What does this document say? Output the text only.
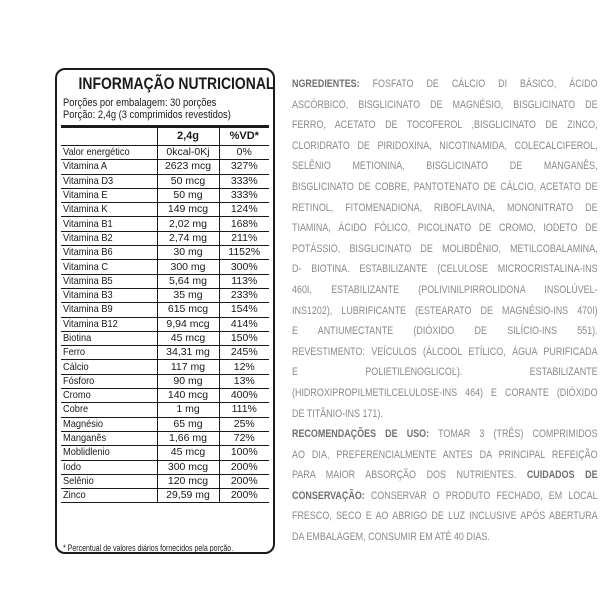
INFORMAÇÃO NUTRICIONAL
Porções por embalagem: 30 porções
Porção: 2,4g (3 comprimidos revestidos)
	2,4g	%VD*
Valor energético	0kcal-0Kj	0%
Vitamina A	2623 mcg	327%
Vitamina D3	50 mcg	333%
Vitamina E	50 mg	333%
Vitamina K	149 mcg	124%
Vitamina B1	2,02 mg	168%
Vitamina B2	2,74 mg	211%
Vitamina B6	30 mg	1152%
Vitamina C	300 mg	300%
Vitamina B5	5,64 mg	113%
Vitamina B3	35 mg	233%
Vitamina B9	615 mcg	154%
Vitamina B12	9,94 mcg	414%
Biotina	45 mcg	150%
Ferro	34,31 mg	245%
Cálcio	117 mg	12%
Fósforo	90 mg	13%
Cromo	140 mcg	400%
Cobre	1 mg	111%
Magnésio	65 mg	25%
Manganês	1,66 mg	72%
Moblidlenio	45 mcg	100%
Iodo	300 mcg	200%
Selênio	120 mcg	200%
Zinco	29,59 mg	200%
* Percentual de valores diários fornecidos pela porção.
NGREDIENTES: FOSFATO DE CÁLCIO DI BÁSICO, ÁCIDO
ASCÓRBICO, BISGLICINATO DE MAGNÉSIO, BISGLICINATO DE
FERRO, ACETATO DE TOCOFEROL ,BISGLICINATO DE ZINCO,
CLORIDRATO DE PIRIDOXINA, NICOTINAMIDA, COLECALCIFEROL,
SELÊNIO METIONINA, BISGLICINATO DE MANGANÊS,
BISGLICINATO DE COBRE, PANTOTENATO DE CÁLCIO, ACETATO DE
RETINOL, FITOMENADIONA, RIBOFLAVINA, MONONITRATO DE
TIAMINA, ÁCIDO FÓLICO, PICOLINATO DE CROMO, IODETO DE
POTÁSSIO, BISGLICINATO DE MOLIBDÊNIO, METILCOBALAMINA,
D- BIOTINA. ESTABILIZANTE (CELULOSE MICROCRISTALINA-INS
460I, ESTABILIZANTE (POLIVINILPIRROLIDONA INSOLÚVEL-
INS1202), LUBRIFICANTE (ESTEARATO DE MAGNÉSIO-INS 470I)
E ANTIUMECTANTE (DIÓXIDO DE SILÍCIO-INS 551).
REVESTIMENTO: VEÍCULOS (ÁLCOOL ETÍLICO, ÁGUA PURIFICADA
E POLIETILENOGLICOL). ESTABILIZANTE
(HIDROXIPROPILMETILCELULOSE-INS 464) E CORANTE (DIÓXIDO
DE TITÂNIO-INS 171).
RECOMENDAÇÕES DE USO: TOMAR 3 (TRÊS) COMPRIMIDOS
AO DIA, PREFERENCIALMENTE ANTES DA PRINCIPAL REFEIÇÃO
PARA MAIOR ABSORÇÃO DOS NUTRIENTES. CUIDADOS DE
CONSERVAÇÃO: CONSERVAR O PRODUTO FECHADO, EM LOCAL
FRESCO, SECO E AO ABRIGO DE LUZ INCLUSIVE APÓS ABERTURA
DA EMBALAGEM, CONSUMIR EM ATÉ 40 DIAS.
